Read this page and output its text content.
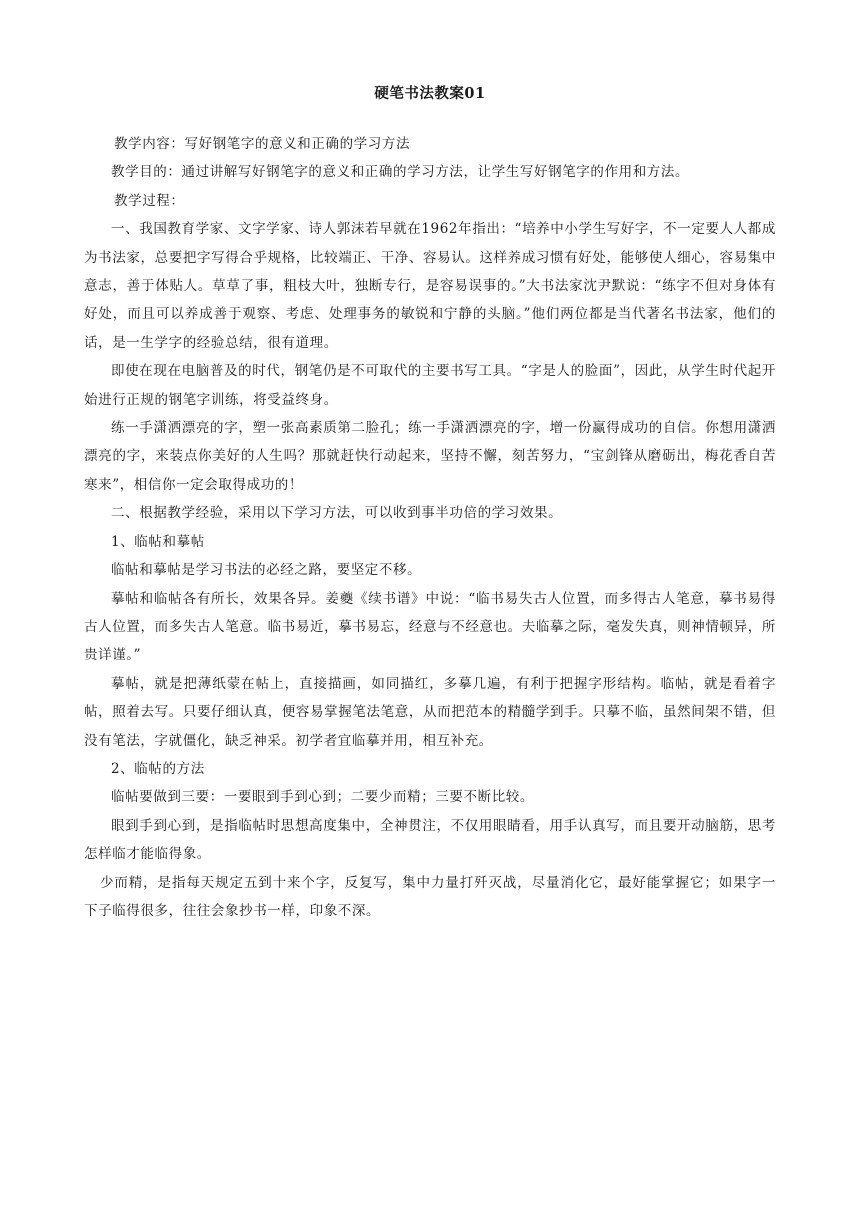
硬笔书法教案01

教学内容：写好钢笔字的意义和正确的学习方法

教学目的：通过讲解写好钢笔字的意义和正确的学习方法，让学生写好钢笔字的作用和方法。

教学过程：

一、我国教育学家、文字学家、诗人郭沫若早就在1962年指出：“培养中小学生写好字，不一定要人人都成为书法家，总要把字写得合乎规格，比较端正、干净、容易认。这样养成习惯有好处，能够使人细心，容易集中意志，善于体贴人。草草了事，粗枝大叶，独断专行，是容易误事的。”大书法家沈尹默说：“练字不但对身体有好处，而且可以养成善于观察、考虑、处理事务的敏锐和宁静的头脑。”他们两位都是当代著名书法家，他们的话，是一生学字的经验总结，很有道理。

即使在现在电脑普及的时代，钢笔仍是不可取代的主要书写工具。“字是人的脸面”，因此，从学生时代起开始进行正规的钢笔字训练，将受益终身。

练一手潇洒漂亮的字，塑一张高素质第二脸孔；练一手潇洒漂亮的字，增一份赢得成功的自信。你想用潇洒漂亮的字，来装点你美好的人生吗？那就赶快行动起来，坚持不懈，刻苦努力，“宝剑锋从磨砺出，梅花香自苦寒来”，相信你一定会取得成功的！

二、根据教学经验，采用以下学习方法，可以收到事半功倍的学习效果。

1、临帖和摹帖

临帖和摹帖是学习书法的必经之路，要坚定不移。

摹帖和临帖各有所长，效果各异。姜夔《续书谱》中说：“临书易失古人位置，而多得古人笔意，摹书易得古人位置，而多失古人笔意。临书易近，摹书易忘，经意与不经意也。夫临摹之际，毫发失真，则神情顿异，所贵详谨。”

摹帖，就是把薄纸蒙在帖上，直接描画，如同描红，多摹几遍，有利于把握字形结构。临帖，就是看着字帖，照着去写。只要仔细认真，便容易掌握笔法笔意，从而把范本的精髓学到手。只摹不临，虽然间架不错，但没有笔法，字就僵化，缺乏神采。初学者宜临摹并用，相互补充。

2、临帖的方法

临帖要做到三要：一要眼到手到心到；二要少而精；三要不断比较。

眼到手到心到，是指临帖时思想高度集中，全神贯注，不仅用眼睛看，用手认真写，而且要开动脑筋，思考怎样临才能临得象。

少而精，是指每天规定五到十来个字，反复写，集中力量打歼灭战，尽量消化它，最好能掌握它；如果字一下子临得很多，往往会象抄书一样，印象不深。
